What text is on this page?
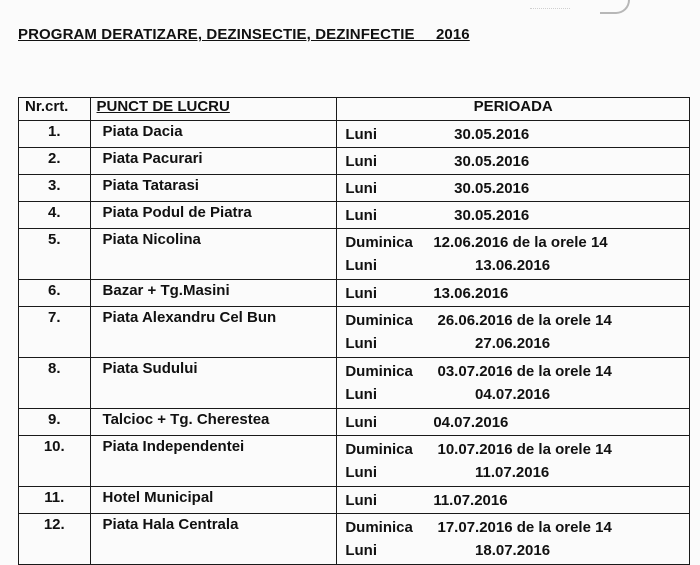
PROGRAM DERATIZARE, DEZINSECTIE, DEZINFECTIE     2016
Nr.crt.	PUNCT DE LUCRU	PERIOADA
1.	Piata Dacia	Luni 30.05.2016

2.	Piata Pacurari	Luni 30.05.2016

3.	Piata Tatarasi	Luni 30.05.2016

4.	Piata Podul de Piatra	Luni 30.05.2016

5.	Piata Nicolina	Duminica 12.06.2016 de la orele 14
Luni 13.06.2016

6.	Bazar + Tg.Masini	Luni 13.06.2016

7.	Piata Alexandru Cel Bun	Duminica 26.06.2016 de la orele 14
Luni 27.06.2016

8.	Piata Sudului	Duminica 03.07.2016 de la orele 14
Luni 04.07.2016

9.	Talcioc + Tg. Cherestea	Luni 04.07.2016

10.	Piata Independentei	Duminica 10.07.2016 de la orele 14
Luni 11.07.2016

11.	Hotel Municipal	Luni 11.07.2016

12.	Piata Hala Centrala	Duminica 17.07.2016 de la orele 14
Luni 18.07.2016
